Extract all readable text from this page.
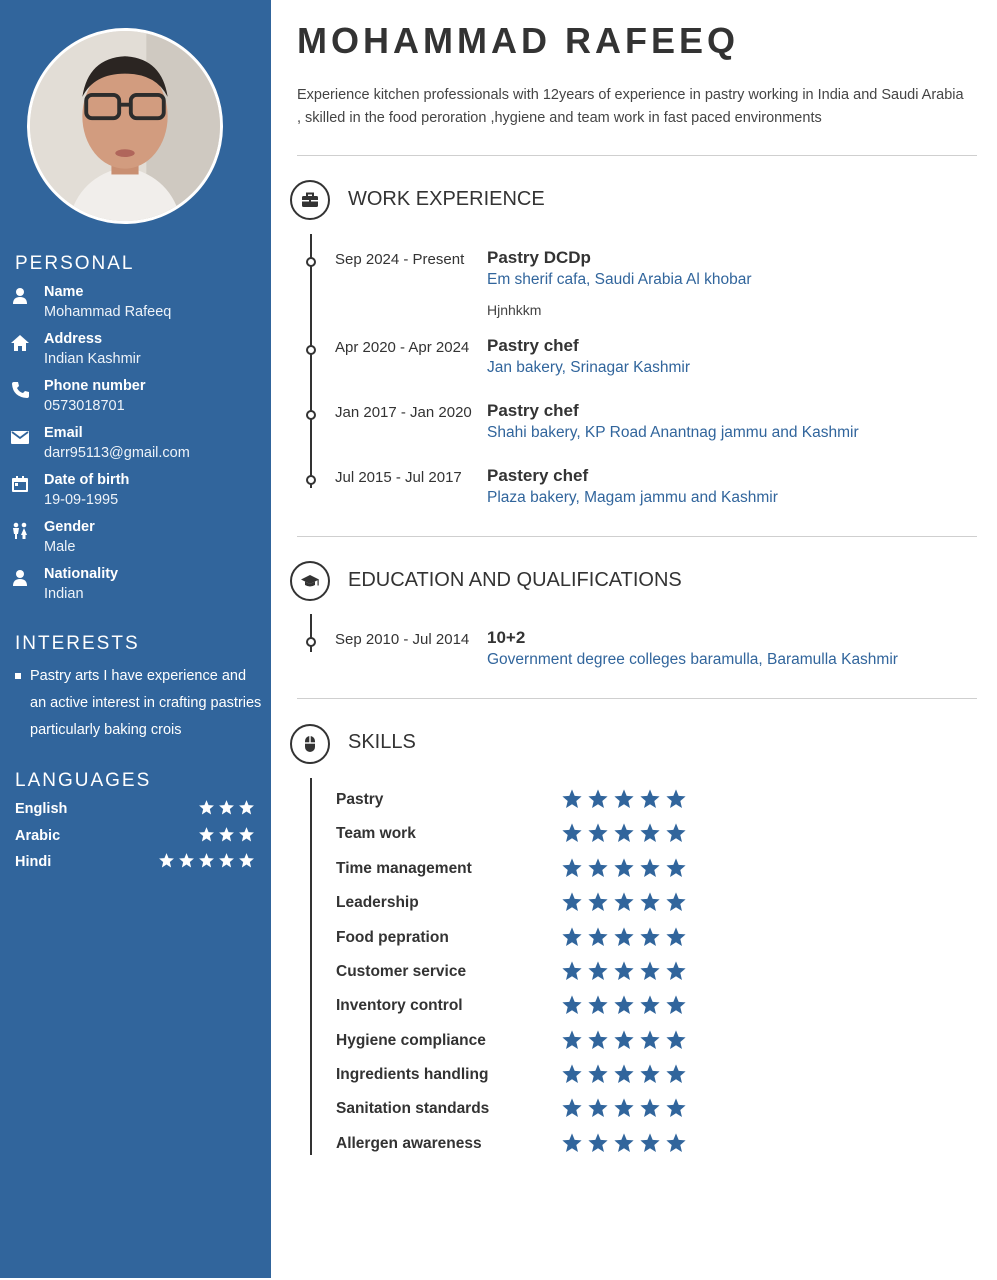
PERSONAL
Name
Mohammad Rafeeq
Address
Indian Kashmir
Phone number
0573018701
Email
darr95113@gmail.com
Date of birth
19-09-1995
Gender
Male
Nationality
Indian
INTERESTS
Pastry arts I have experience and an active interest in crafting pastries particularly baking crois
LANGUAGES
English
Arabic
Hindi
MOHAMMAD RAFEEQ
Experience kitchen professionals with 12years of experience in pastry working in India and Saudi Arabia , skilled in the food peroration ,hygiene and team work in fast paced environments
WORK EXPERIENCE
Sep 2024 - Present Pastry DCDp
Em sherif cafa, Saudi Arabia Al khobar
Hjnhkkm
Apr 2020 - Apr 2024 Pastry chef
Jan bakery, Srinagar Kashmir
Jan 2017 - Jan 2020 Pastry chef
Shahi bakery, KP Road Anantnag jammu and Kashmir
Jul 2015 - Jul 2017 Pastery chef
Plaza bakery, Magam jammu and Kashmir
EDUCATION AND QUALIFICATIONS
Sep 2010 - Jul 2014 10+2
Government degree colleges baramulla, Baramulla Kashmir
SKILLS
Pastry
Team work
Time management
Leadership
Food pepration
Customer service
Inventory control
Hygiene compliance
Ingredients handling
Sanitation standards
Allergen awareness
